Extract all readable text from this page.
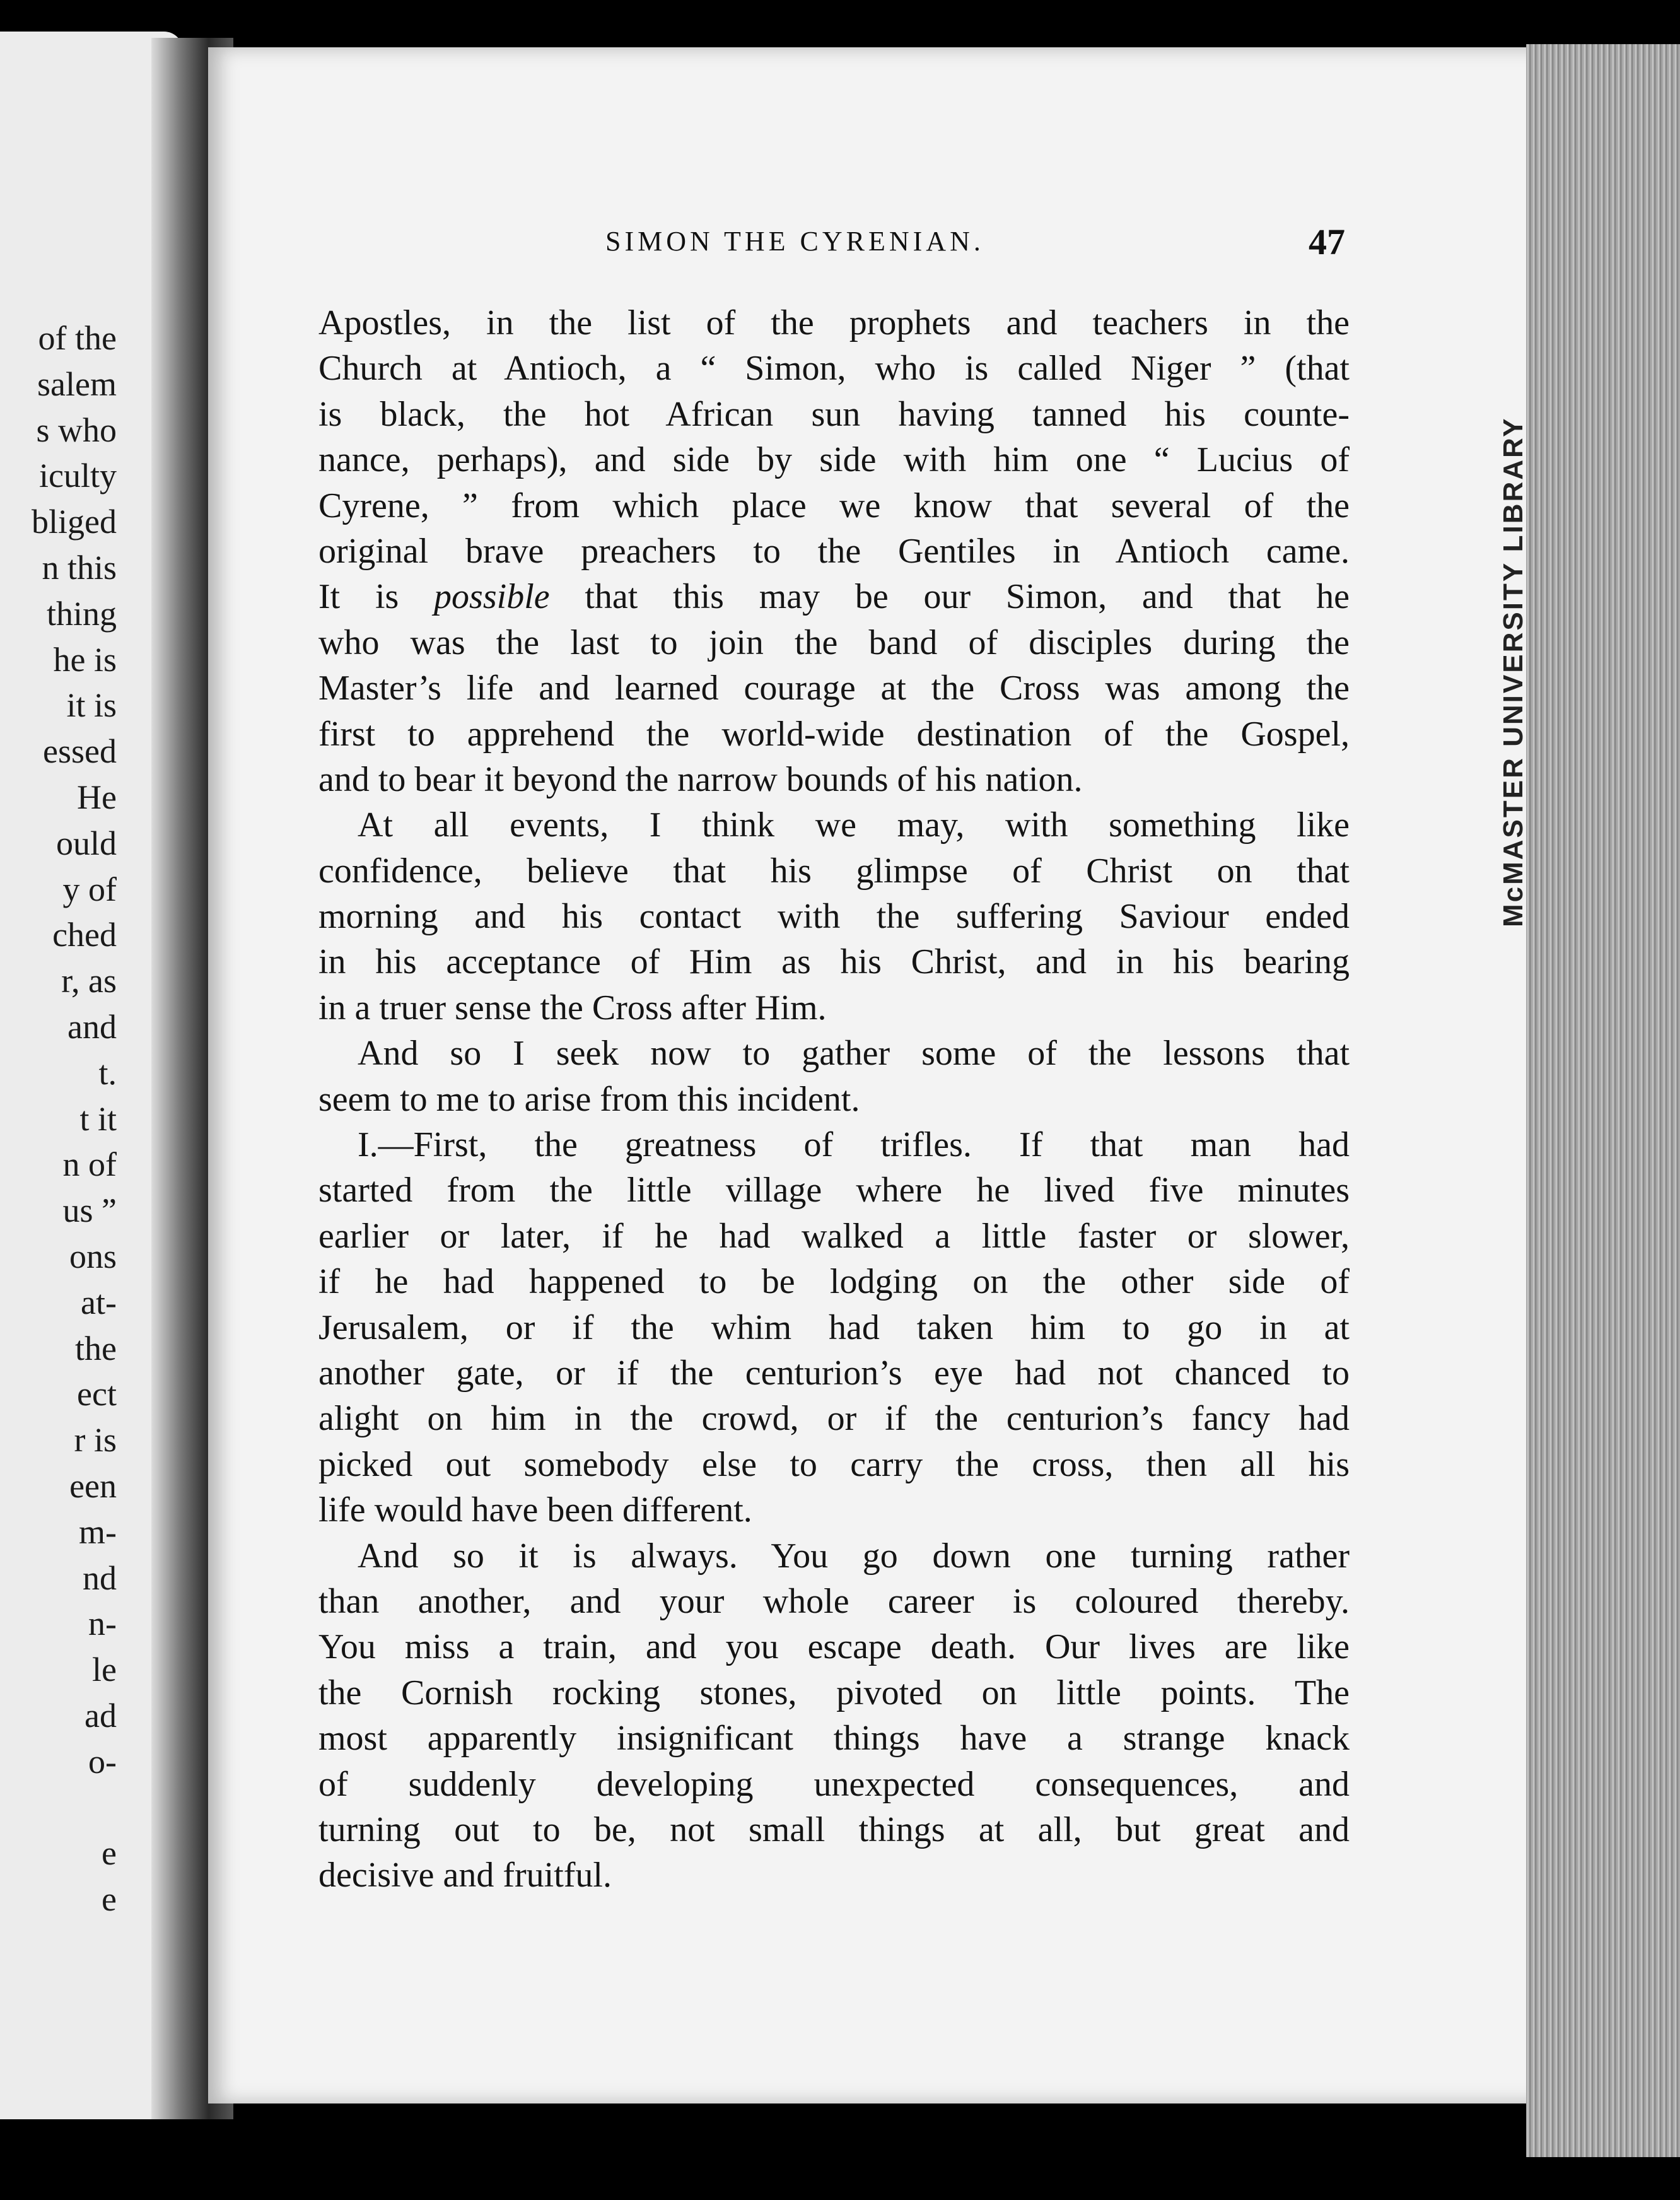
of the
salem
s who
iculty
bliged
n this
thing
he is
it is
essed
He
ould
y of
ched
r, as
and
t.
t it
n of
us ”
ons
at-
the
ect
r is
een
m-
nd
n-
le
ad
o-
e
e
McMASTER UNIVERSITY LIBRARY
SIMON THE CYRENIAN.	47
Apostles, in the list of the prophets and teachers in the
Church at Antioch, a “ Simon, who is called Niger ” (that
is black, the hot African sun having tanned his counte-
nance, perhaps), and side by side with him one “ Lucius of
Cyrene, ” from which place we know that several of the
original brave preachers to the Gentiles in Antioch came.
It is possible that this may be our Simon, and that he
who was the last to join the band of disciples during the
Master’s life and learned courage at the Cross was among the
first to apprehend the world-wide destination of the Gospel,
and to bear it beyond the narrow bounds of his nation.
At all events, I think we may, with something like
confidence, believe that his glimpse of Christ on that
morning and his contact with the suffering Saviour ended
in his acceptance of Him as his Christ, and in his bearing
in a truer sense the Cross after Him.
And so I seek now to gather some of the lessons that
seem to me to arise from this incident.
I.—First, the greatness of trifles. If that man had
started from the little village where he lived five minutes
earlier or later, if he had walked a little faster or slower,
if he had happened to be lodging on the other side of
Jerusalem, or if the whim had taken him to go in at
another gate, or if the centurion’s eye had not chanced to
alight on him in the crowd, or if the centurion’s fancy had
picked out somebody else to carry the cross, then all his
life would have been different.
And so it is always. You go down one turning rather
than another, and your whole career is coloured thereby.
You miss a train, and you escape death. Our lives are like
the Cornish rocking stones, pivoted on little points. The
most apparently insignificant things have a strange knack
of suddenly developing unexpected consequences, and
turning out to be, not small things at all, but great and
decisive and fruitful.
